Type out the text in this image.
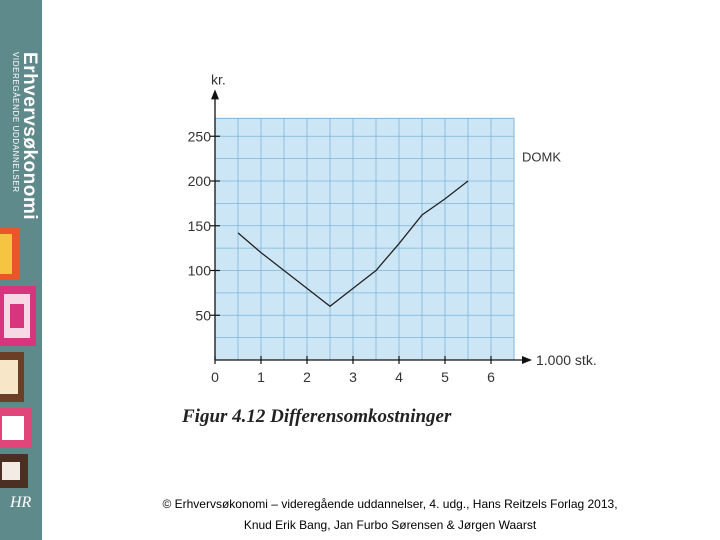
Erhvervsøkonomi
VIDEREGÅENDE UDDANNELSER
HR
0	1	2	3	4	5	6
50
100
150
200
250
DOMK
kr.
1.000 stk.
Figur 4.12 Differensomkostninger
© Erhvervsøkonomi – videregående uddannelser, 4. udg., Hans Reitzels Forlag 2013,
Knud Erik Bang, Jan Furbo Sørensen & Jørgen Waarst
